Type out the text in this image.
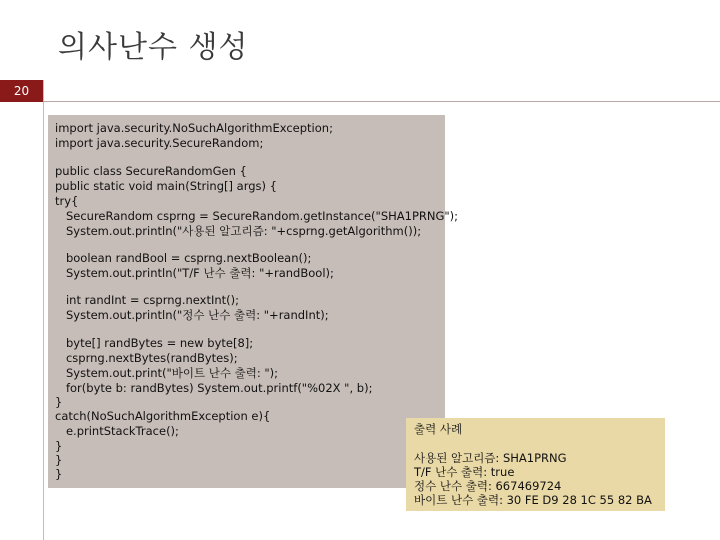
의사난수 생성
20
import java.security.NoSuchAlgorithmException;
import java.security.SecureRandom;
public class SecureRandomGen {
public static void main(String[] args) {
try{
SecureRandom csprng = SecureRandom.getInstance("SHA1PRNG");
System.out.println("사용된 알고리즘: "+csprng.getAlgorithm());
boolean randBool = csprng.nextBoolean();
System.out.println("T/F 난수 출력: "+randBool);
int randInt = csprng.nextInt();
System.out.println("정수 난수 출력: "+randInt);
byte[] randBytes = new byte[8];
csprng.nextBytes(randBytes);
System.out.print("바이트 난수 출력: ");
for(byte b: randBytes) System.out.printf("%02X ", b);
}
catch(NoSuchAlgorithmException e){
e.printStackTrace();
}
}
}
출력 사례
사용된 알고리즘: SHA1PRNG
T/F 난수 출력: true
정수 난수 출력: 667469724
바이트 난수 출력: 30 FE D9 28 1C 55 82 BA
